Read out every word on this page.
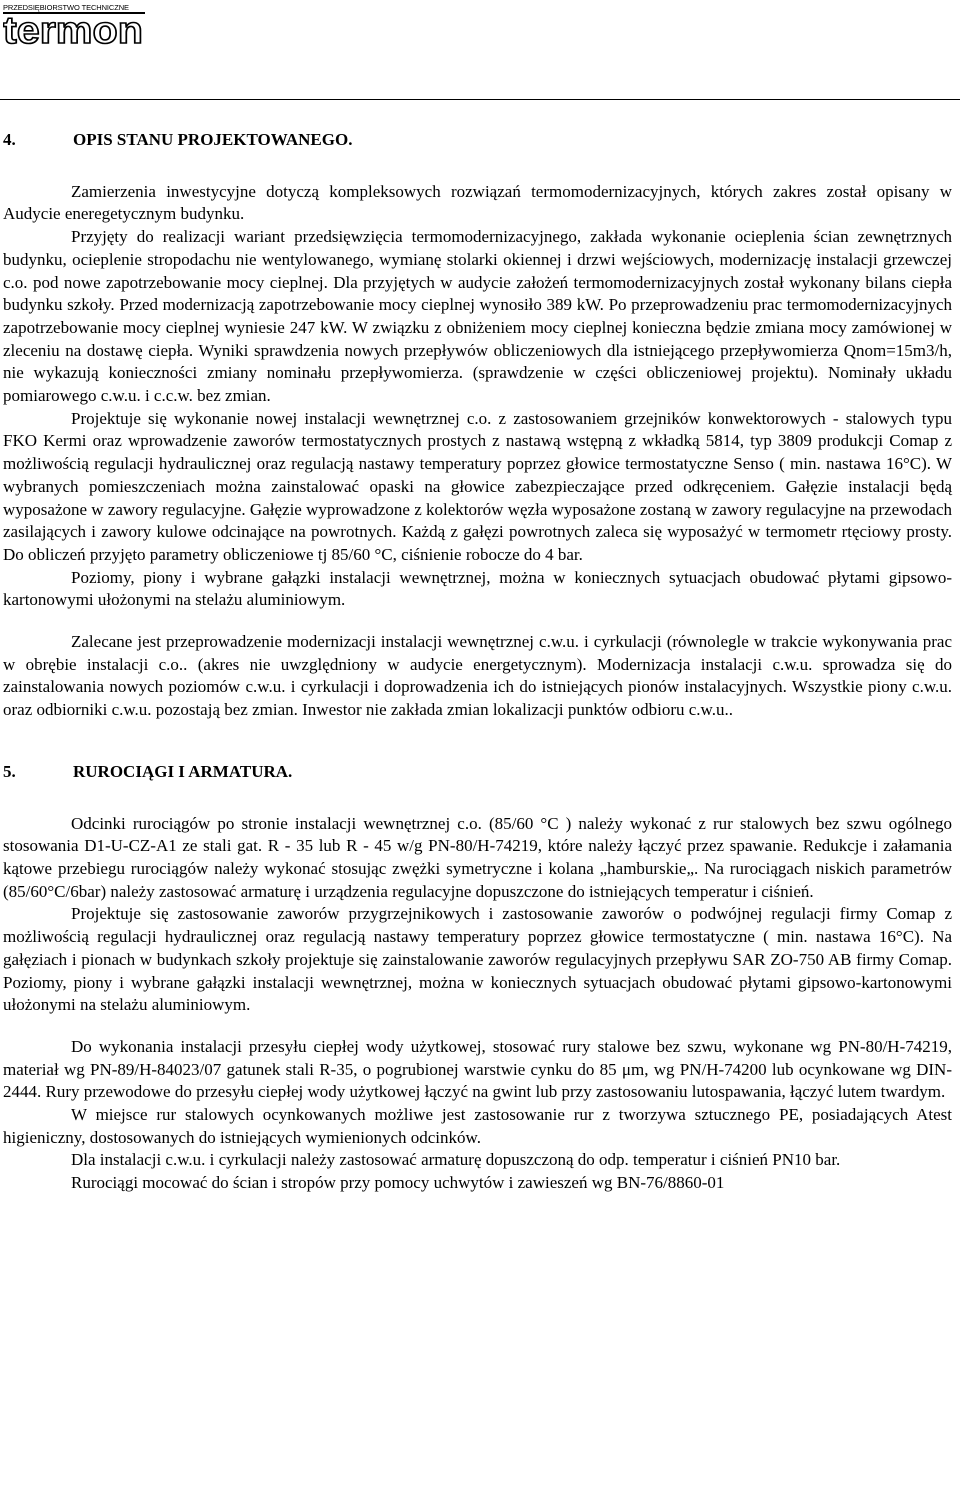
PRZEDSIĘBIORSTWO TECHNICZNE
termon
4.	OPIS STANU PROJEKTOWANEGO.

Zamierzenia inwestycyjne dotyczą kompleksowych rozwiązań termomodernizacyjnych, których zakres został opisany w Audycie eneregetycznym budynku.

Przyjęty do realizacji wariant przedsięwzięcia termomodernizacyjnego, zakłada wykonanie ocieplenia ścian zewnętrznych budynku, ocieplenie stropodachu nie wentylowanego, wymianę stolarki okiennej i drzwi wejściowych, modernizację instalacji grzewczej c.o. pod nowe zapotrzebowanie mocy cieplnej. Dla przyjętych w audycie założeń termomodernizacyjnych został wykonany bilans ciepła budynku szkoły. Przed modernizacją zapotrzebowanie mocy cieplnej wynosiło 389 kW. Po przeprowadzeniu prac termomodernizacyjnych zapotrzebowanie mocy cieplnej wyniesie 247 kW. W związku z obniżeniem mocy cieplnej konieczna będzie zmiana mocy zamówionej w zleceniu na dostawę ciepła. Wyniki sprawdzenia nowych przepływów obliczeniowych dla istniejącego przepływomierza Qnom=15m3/h, nie wykazują konieczności zmiany nominału przepływomierza. (sprawdzenie w części obliczeniowej projektu). Nominały układu pomiarowego c.w.u. i c.c.w. bez zmian.

Projektuje się wykonanie nowej instalacji wewnętrznej c.o. z zastosowaniem grzejników konwektorowych - stalowych typu FKO Kermi oraz wprowadzenie zaworów termostatycznych prostych z nastawą wstępną z wkładką 5814, typ 3809 produkcji Comap z możliwością regulacji hydraulicznej oraz regulacją nastawy temperatury poprzez głowice termostatyczne Senso ( min. nastawa 16°C). W wybranych pomieszczeniach można zainstalować opaski na głowice zabezpieczające przed odkręceniem. Gałęzie instalacji będą wyposażone w zawory regulacyjne. Gałęzie wyprowadzone z kolektorów węzła wyposażone zostaną w zawory regulacyjne na przewodach zasilających i zawory kulowe odcinające na powrotnych. Każdą z gałęzi powrotnych zaleca się wyposażyć w termometr rtęciowy prosty. Do obliczeń przyjęto parametry obliczeniowe tj 85/60 °C, ciśnienie robocze do 4 bar.

Poziomy, piony i wybrane gałązki instalacji wewnętrznej, można w koniecznych sytuacjach obudować płytami gipsowo-kartonowymi ułożonymi na stelażu aluminiowym.

Zalecane jest przeprowadzenie modernizacji instalacji wewnętrznej c.w.u. i cyrkulacji (równolegle w trakcie wykonywania prac w obrębie instalacji c.o.. (akres nie uwzględniony w audycie energetycznym). Modernizacja instalacji c.w.u. sprowadza się do zainstalowania nowych poziomów c.w.u. i cyrkulacji i doprowadzenia ich do istniejących pionów instalacyjnych. Wszystkie piony c.w.u. oraz odbiorniki c.w.u. pozostają bez zmian. Inwestor nie zakłada zmian lokalizacji punktów odbioru c.w.u..

5.	RUROCIĄGI I ARMATURA.

Odcinki rurociągów po stronie instalacji wewnętrznej c.o. (85/60 °C ) należy wykonać z rur stalowych bez szwu ogólnego stosowania D1-U-CZ-A1 ze stali gat. R - 35 lub R - 45 w/g PN-80/H-74219, które należy łączyć przez spawanie. Redukcje i załamania kątowe przebiegu rurociągów należy wykonać stosując zwężki symetryczne i kolana „hamburskie„. Na rurociągach niskich parametrów (85/60°C/6bar) należy zastosować armaturę i urządzenia regulacyjne dopuszczone do istniejących temperatur i ciśnień.

Projektuje się zastosowanie zaworów przygrzejnikowych i zastosowanie zaworów o podwójnej regulacji firmy Comap z możliwością regulacji hydraulicznej oraz regulacją nastawy temperatury poprzez głowice termostatyczne ( min. nastawa 16°C). Na gałęziach i pionach w budynkach szkoły projektuje się zainstalowanie zaworów regulacyjnych przepływu SAR ZO-750 AB firmy Comap. Poziomy, piony i wybrane gałązki instalacji wewnętrznej, można w koniecznych sytuacjach obudować płytami gipsowo-kartonowymi ułożonymi na stelażu aluminiowym.

Do wykonania instalacji przesyłu ciepłej wody użytkowej, stosować rury stalowe bez szwu, wykonane wg PN-80/H-74219, materiał wg PN-89/H-84023/07 gatunek stali R-35, o pogrubionej warstwie cynku do 85 μm, wg PN/H-74200 lub ocynkowane wg DIN-2444. Rury przewodowe do przesyłu ciepłej wody użytkowej łączyć na gwint lub przy zastosowaniu lutospawania, łączyć lutem twardym.

W miejsce rur stalowych ocynkowanych możliwe jest zastosowanie rur z tworzywa sztucznego PE, posiadających Atest higieniczny, dostosowanych do istniejących wymienionych odcinków.

Dla instalacji c.w.u. i cyrkulacji należy zastosować armaturę dopuszczoną do odp. temperatur i ciśnień PN10 bar.

Rurociągi mocować do ścian i stropów przy pomocy uchwytów i zawieszeń wg BN-76/8860-01
